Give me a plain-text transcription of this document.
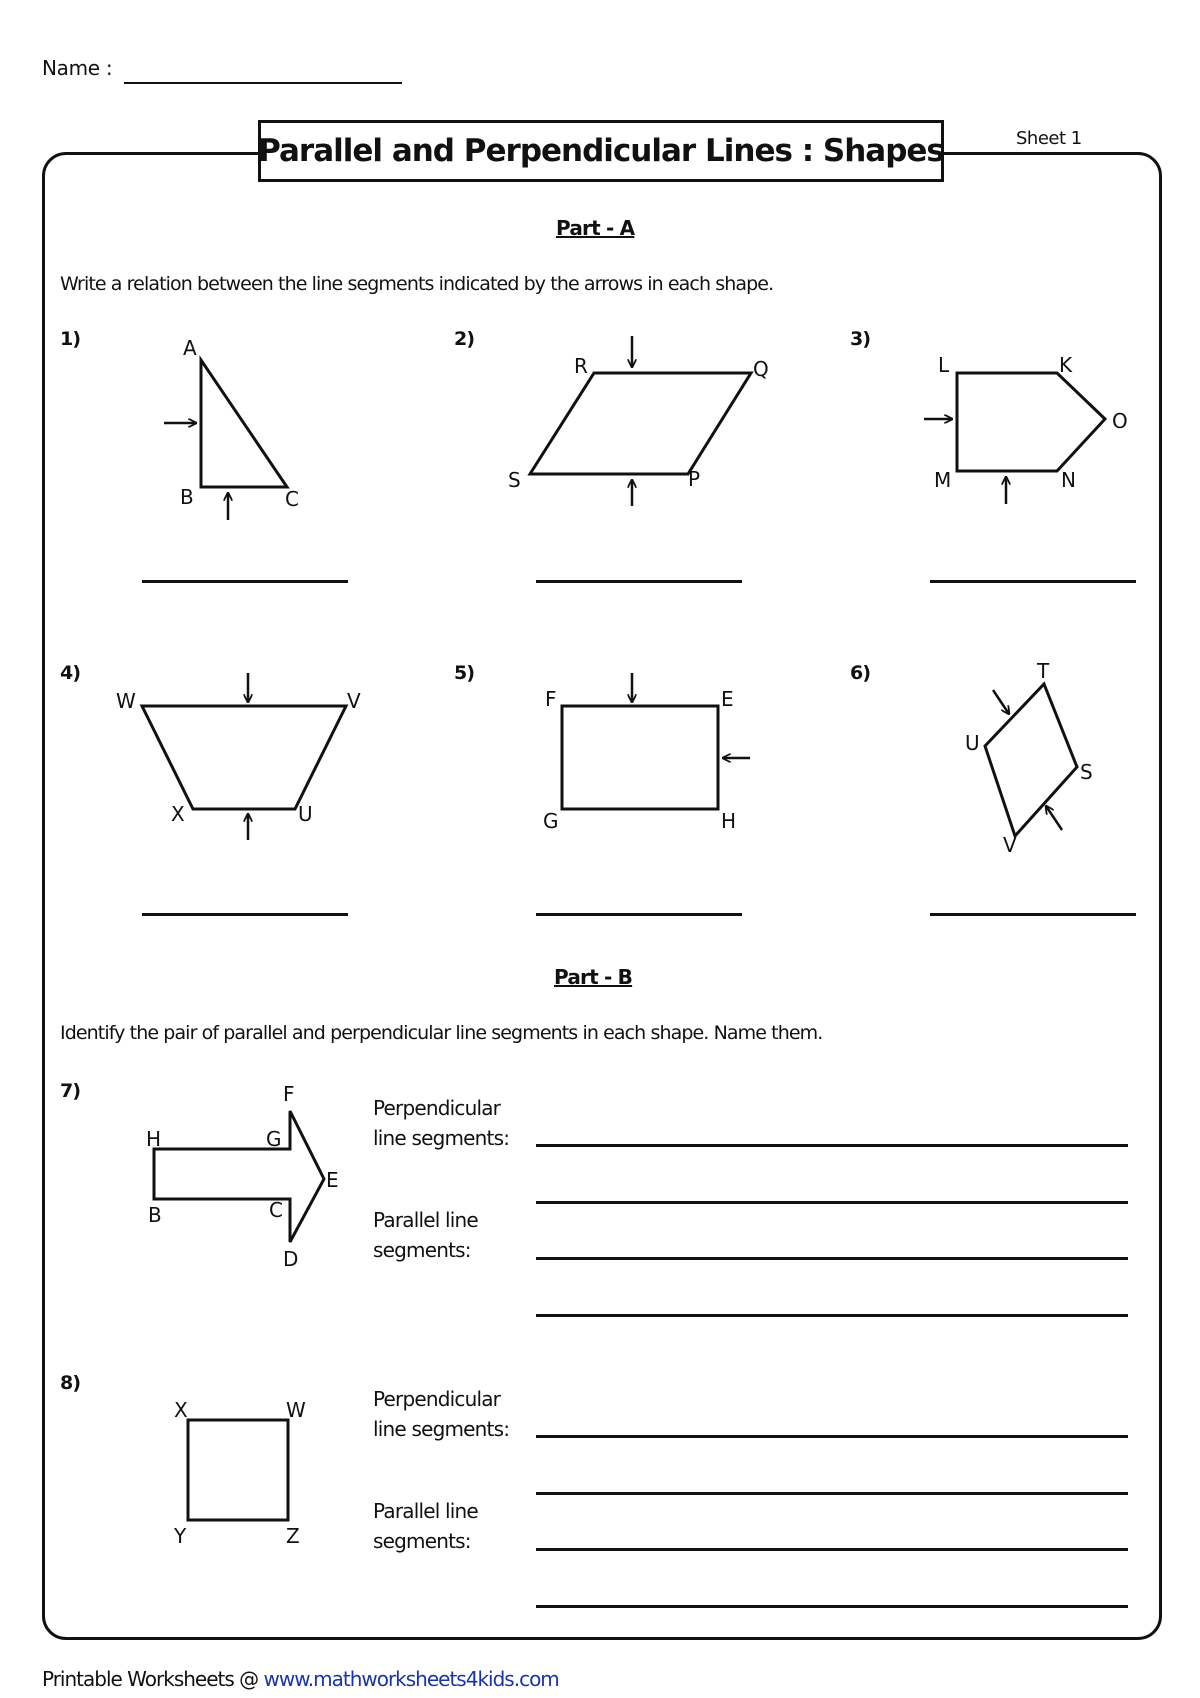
Name :
Parallel and Perpendicular Lines : Shapes	Sheet 1
Part - A
Write a relation between the line segments indicated by the arrows in each shape.
1)	2)	3)
4)	5)	6)
Part - B
Identify the pair of parallel and perpendicular line segments in each shape. Name them.
7)
8)
Perpendicular
line segments:
Parallel line
segments:
Perpendicular
line segments:
Parallel line
segments:
A
B	C
R	Q
S	P
L	K
O
M	N
W	V
X	U
F	E
G	H
T
U
S
V
F
H	G
E
B	C
D
X	W
Y	Z
Printable Worksheets @ www.mathworksheets4kids.com
